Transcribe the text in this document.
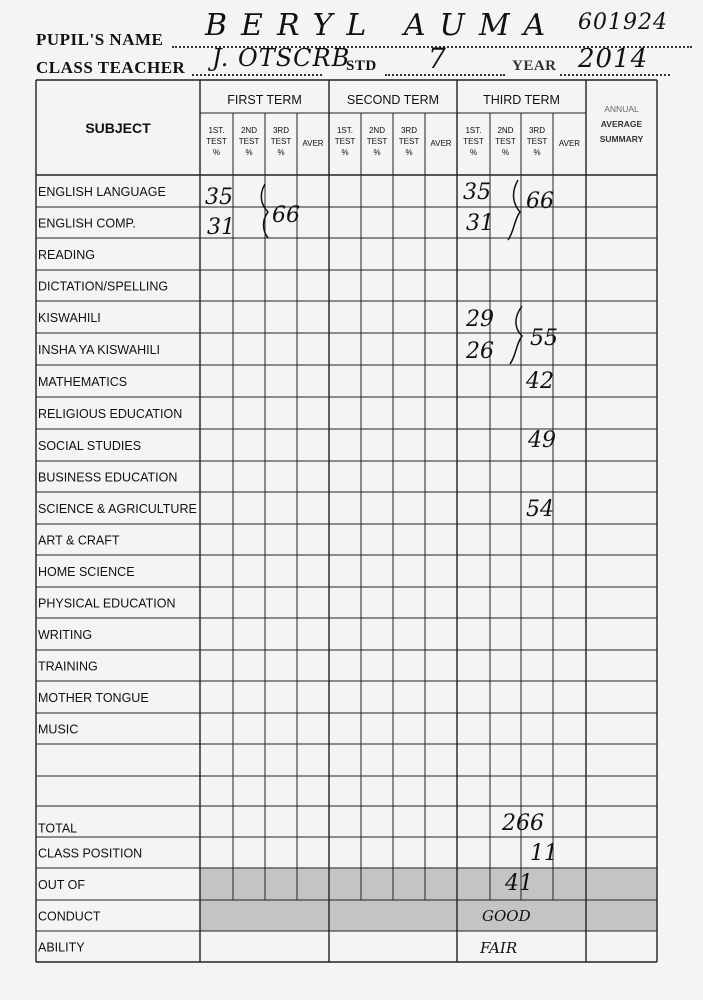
PUPIL'S NAME BERYL AUMA 601924
CLASS TEACHER J. OTSCRB
STD 7	YEAR 2014
SUBJECT
FIRST TERM
1ST.
TEST
%
2ND
TEST
%
3RD
TEST
%
AVER
SECOND TERM
1ST.
TEST
%
2ND
TEST
%
3RD
TEST
%
AVER
THIRD TERM
1ST.
TEST
%
2ND
TEST
%
3RD
TEST
%
AVER
ANNUAL
AVERAGE
SUMMARY
ENGLISH LANGUAGE
ENGLISH COMP.
READING
DICTATION/SPELLING
KISWAHILI
INSHA YA KISWAHILI
MATHEMATICS
RELIGIOUS EDUCATION
SOCIAL STUDIES
BUSINESS EDUCATION
SCIENCE & AGRICULTURE
ART & CRAFT
HOME SCIENCE
PHYSICAL EDUCATION
WRITING
TRAINING
MOTHER TONGUE
MUSIC
TOTAL
CLASS POSITION
OUT OF
CONDUCT
ABILITY
35
31 66
35
31
66
29
26
55
42
49
54
266
11
41
GOOD
FAIR
